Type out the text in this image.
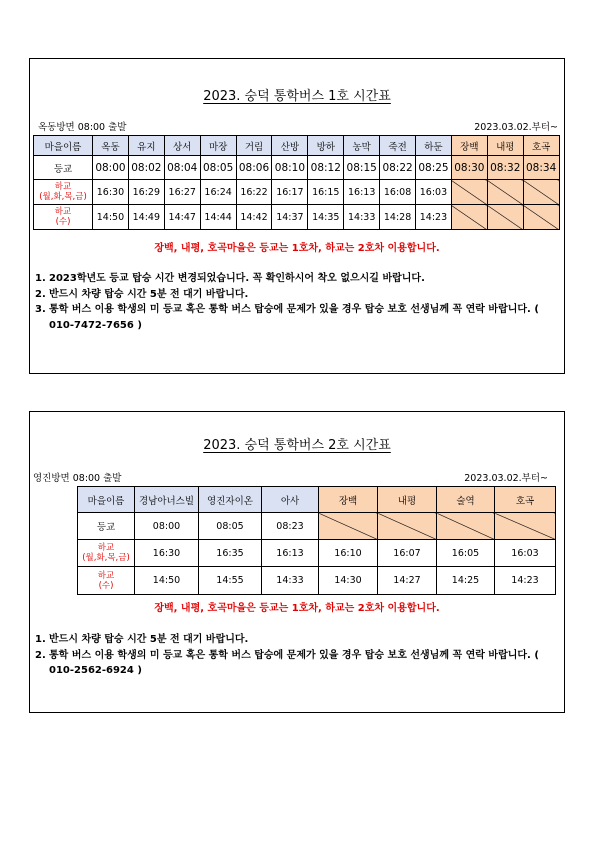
2023. 숭덕 통학버스 1호 시간표
옥동방면 08:00 출발	2023.03.02.부터~
마을이름	옥동	유지	상서	마장	거림	산방	방하	농막	죽전	하둔	장백	내평	호곡
등교	08:00	08:02	08:04	08:05	08:06	08:10	08:12	08:15	08:22	08:25	08:30	08:32	08:34
하교
(월,화,목,금)	16:30	16:29	16:27	16:24	16:22	16:17	16:15	16:13	16:08	16:03			
하교
(수)	14:50	14:49	14:47	14:44	14:42	14:37	14:35	14:33	14:28	14:23			
장백, 내평, 호곡마을은 등교는 1호차, 하교는 2호차 이용합니다.
1. 2023학년도 등교 탑승 시간 변경되었습니다. 꼭 확인하시어 착오 없으시길 바랍니다.
2. 반드시 차량 탑승 시간 5분 전 대기 바랍니다.
3. 통학 버스 이용 학생의 미 등교 혹은 통학 버스 탑승에 문제가 있을 경우 탑승 보호 선생님께 꼭 연락 바랍니다. ( 010-7472-7656 )
2023. 숭덕 통학버스 2호 시간표
영진방면 08:00 출발	2023.03.02.부터~
마을이름	경남아너스빌	영진자이온	아사	장백	내평	술역	호곡
등교	08:00	08:05	08:23				
하교
(월,화,목,금)	16:30	16:35	16:13	16:10	16:07	16:05	16:03
하교
(수)	14:50	14:55	14:33	14:30	14:27	14:25	14:23
장백, 내평, 호곡마을은 등교는 1호차, 하교는 2호차 이용합니다.
1. 반드시 차량 탑승 시간 5분 전 대기 바랍니다.
2. 통학 버스 이용 학생의 미 등교 혹은 통학 버스 탑승에 문제가 있을 경우 탑승 보호 선생님께 꼭 연락 바랍니다. ( 010-2562-6924 )
